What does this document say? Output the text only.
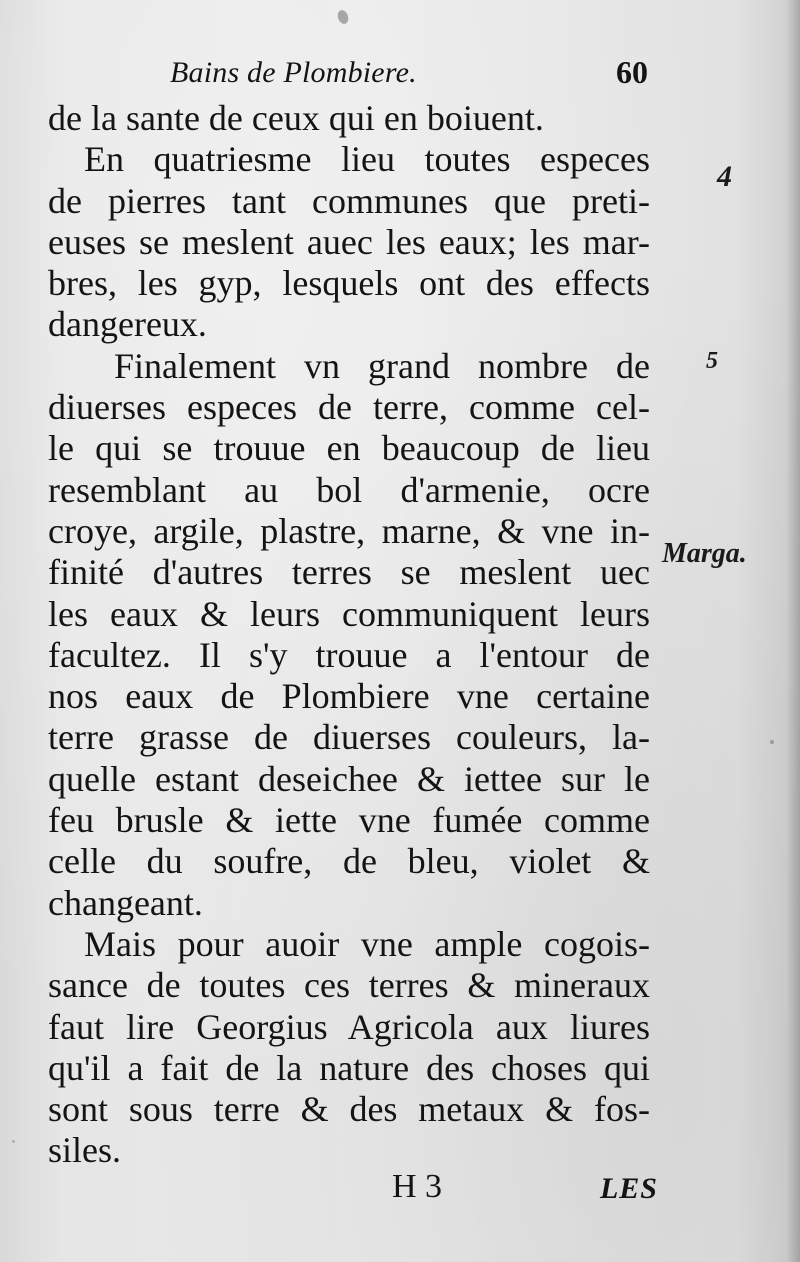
Bains de Plombiere.	60
de la sante de ceux qui en boiuent.
En quatriesme lieu toutes especes
de pierres tant communes que preti-
euses se meslent auec les eaux; les mar-
bres, les gyp, lesquels ont des effects
dangereux.
Finalement vn grand nombre de
diuerses especes de terre, comme cel-
le qui se trouue en beaucoup de lieu
resemblant au bol d'armenie, ocre
croye, argile, plastre, marne, & vne in-
finité d'autres terres se meslent uec
les eaux & leurs communiquent leurs
facultez. Il s'y trouue a l'entour de
nos eaux de Plombiere vne certaine
terre grasse de diuerses couleurs, la-
quelle estant deseichee & iettee sur le
feu brusle & iette vne fumée comme
celle du soufre, de bleu, violet &
changeant.
Mais pour auoir vne ample cogois-
sance de toutes ces terres & mineraux
faut lire Georgius Agricola aux liures
qu'il a fait de la nature des choses qui
sont sous terre & des metaux & fos-
siles.
4
5
Marga.
H 3	LES
